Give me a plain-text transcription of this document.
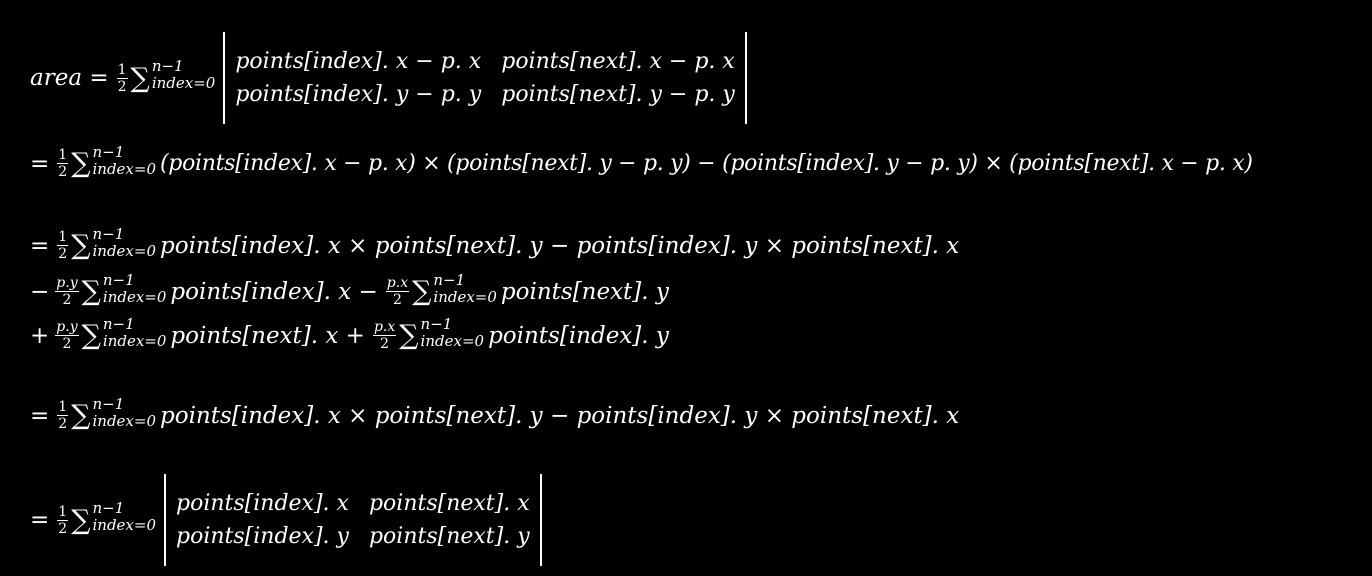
area = $\frac{1}{2}$ ∑ n−1
index=0
points[index]. x − p. x	points[next]. x − p. x
points[index]. y − p. y	points[next]. y − p. y
= $\frac{1}{2}$ ∑ n−1
index=0 (points[index]. x − p. x) × (points[next]. y − p. y) − (points[index]. y − p. y) × (points[next]. x − p. x)
= $\frac{1}{2}$ ∑ n−1
index=0 points[index]. x × points[next]. y − points[index]. y × points[next]. x
− $\frac{p.y}{2}$ ∑ n−1
index=0 points[index]. $x - \frac{p.x}{2}$ ∑ n−1
index=0 points[next]. y
+ $\frac{p.y}{2}$ ∑ n−1
index=0 points[next]. $x + \frac{p.x}{2}$ ∑ n−1
index=0 points[index]. y
= $\frac{1}{2}$ ∑ n−1
index=0 points[index]. x × points[next]. y − points[index]. y × points[next]. x
= $\frac{1}{2}$ ∑ n−1
index=0
points[index]. x	points[next]. x
points[index]. y	points[next]. y
